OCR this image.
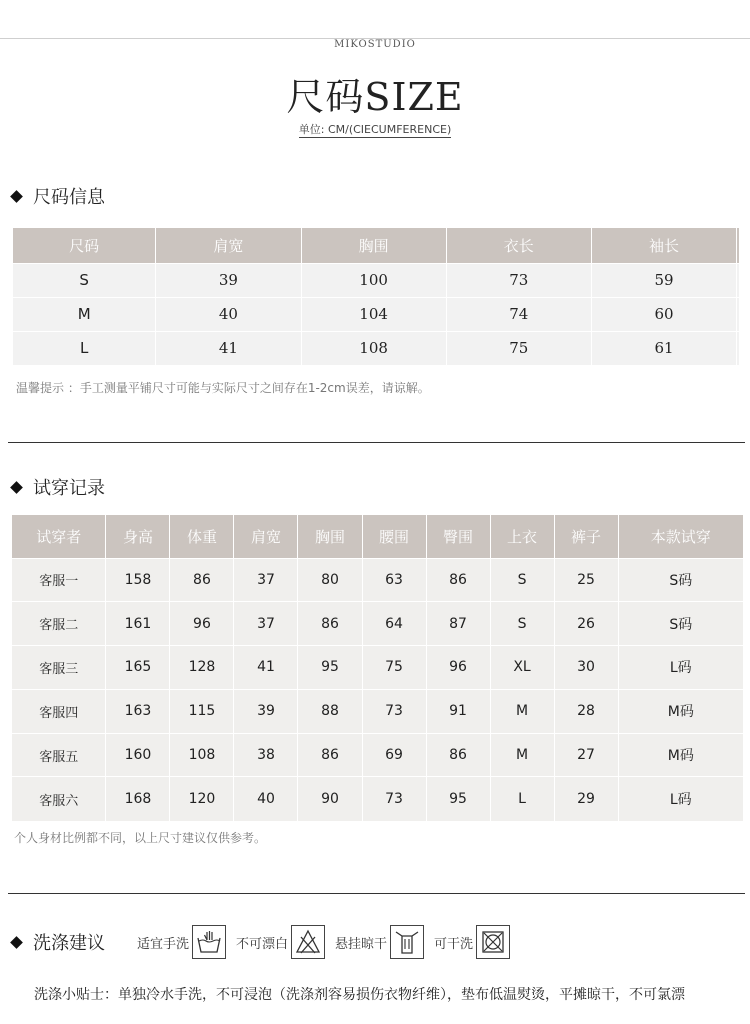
MIKOSTUDIO
尺码SIZE
单位: CM/(CIECUMFERENCE)
尺码信息
尺码	肩宽	胸围	衣长	袖长	
S	39	100	73	59	
M	40	104	74	60	
L	41	108	75	61	
温馨提示 ：手工测量平铺尺寸可能与实际尺寸之间存在1-2cm误差，请谅解。
试穿记录
试穿者	身高	体重	肩宽	胸围	腰围	臀围	上衣	裤子	本款试穿
客服一	158	86	37	80	63	86	S	25	S码
客服二	161	96	37	86	64	87	S	26	S码
客服三	165	128	41	95	75	96	XL	30	L码
客服四	163	115	39	88	73	91	M	28	M码
客服五	160	108	38	86	69	86	M	27	M码
客服六	168	120	40	90	73	95	L	29	L码
个人身材比例都不同，以上尺寸建议仅供参考。
洗涤建议 适宜手洗	不可漂白	悬挂晾干	可干洗
洗涤小贴士：单独冷水手洗，不可浸泡（洗涤剂容易损伤衣物纤维），垫布低温熨烫，平摊晾干，不可氯漂
